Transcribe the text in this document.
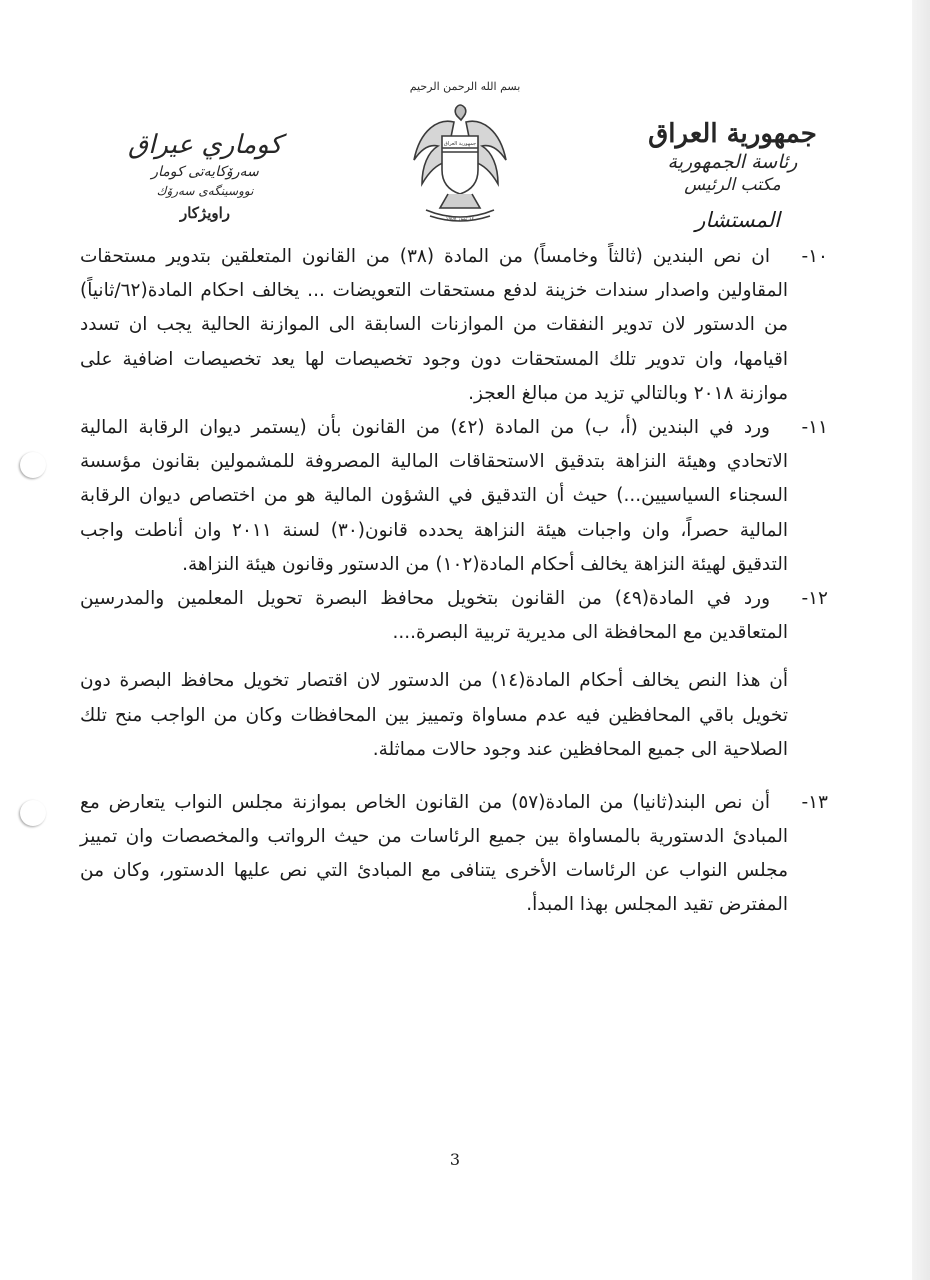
بسم الله الرحمن الرحيم
جمهورية العراق
١٤ تموز ١٩٥٨
جمهورية العراق
رئاسة الجمهورية
مكتب الرئيس
كوماري عيراق
سەرۆكايەتى كومار
نووسینگەی سەرۆك
راويژكار	المستشار

١٠-
ان نص البندين (ثالثاً وخامساً) من المادة (٣٨) من القانون المتعلقين بتدوير مستحقات المقاولين واصدار سندات خزينة لدفع مستحقات التعويضات ... يخالف احكام المادة(٦٢/ثانياً) من الدستور لان تدوير النفقات من الموازنات السابقة الى الموازنة الحالية يجب ان تسدد اقيامها، وان تدوير تلك المستحقات دون وجود تخصيصات لها يعد تخصيصات اضافية على موازنة ٢٠١٨ وبالتالي تزيد من مبالغ العجز.

١١-
ورد في البندين (أ، ب) من المادة (٤٢) من القانون بأن (يستمر ديوان الرقابة المالية الاتحادي وهيئة النزاهة بتدقيق الاستحقاقات المالية المصروفة للمشمولين بقانون مؤسسة السجناء السياسيين...) حيث أن التدقيق في الشؤون المالية هو من اختصاص ديوان الرقابة المالية حصراً، وان واجبات هيئة النزاهة يحدده قانون(٣٠) لسنة ٢٠١١ وان أناطت واجب التدقيق لهيئة النزاهة يخالف أحكام المادة(١٠٢) من الدستور وقانون هيئة النزاهة.

١٢-
ورد في المادة(٤٩) من القانون بتخويل محافظ البصرة تحويل المعلمين والمدرسين المتعاقدين مع المحافظة الى مديرية تربية البصرة....

أن هذا النص يخالف أحكام المادة(١٤) من الدستور لان اقتصار تخويل محافظ البصرة دون تخويل باقي المحافظين فيه عدم مساواة وتمييز بين المحافظات وكان من الواجب منح تلك الصلاحية الى جميع المحافظين عند وجود حالات مماثلة.

١٣-
أن نص البند(ثانيا) من المادة(٥٧) من القانون الخاص بموازنة مجلس النواب يتعارض مع المبادئ الدستورية بالمساواة بين جميع الرئاسات من حيث الرواتب والمخصصات وان تمييز مجلس النواب عن الرئاسات الأخرى يتنافى مع المبادئ التي نص عليها الدستور، وكان من المفترض تقيد المجلس بهذا المبدأ.

3
